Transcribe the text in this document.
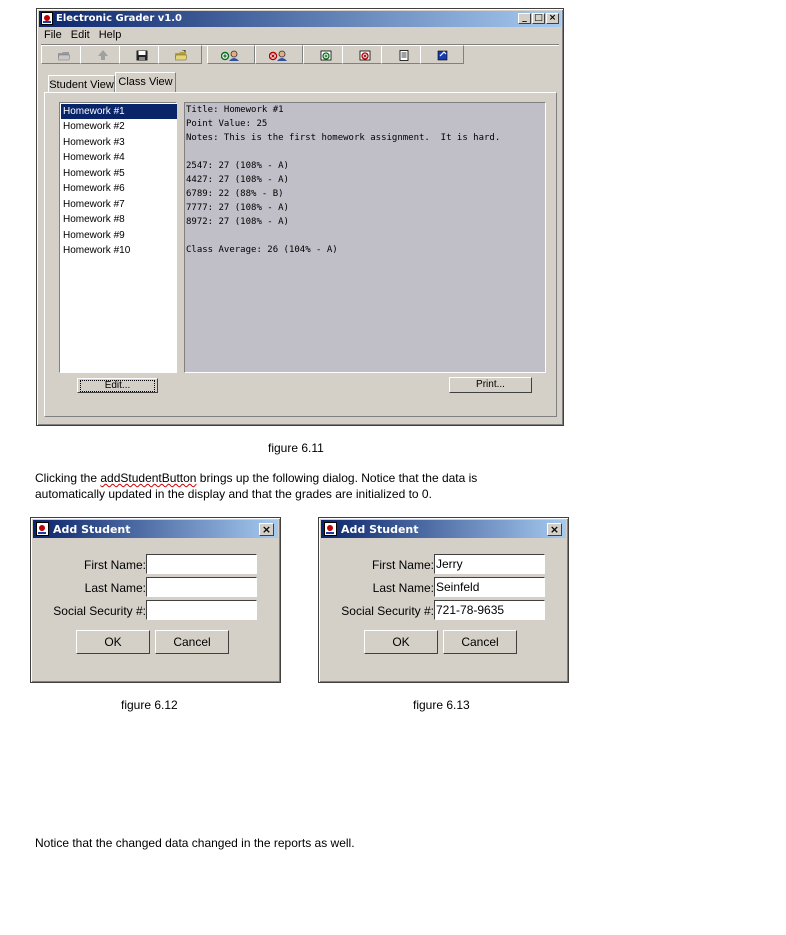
Electronic Grader v1.0	_ □ ×
File Edit Help
Student View Class View
Homework #1
Homework #2
Homework #3
Homework #4
Homework #5
Homework #6
Homework #7
Homework #8
Homework #9
Homework #10
Title: Homework #1
Point Value: 25
Notes: This is the first homework assignment.  It is hard.
2547: 27 (108% - A)
4427: 27 (108% - A)
6789: 22 (88% - B)
7777: 27 (108% - A)
8972: 27 (108% - A)
Class Average: 26 (104% - A)
Edit...	Print...
figure 6.11
Clicking the addStudentButton brings up the following dialog. Notice that the data is
automatically updated in the display and that the grades are initialized to 0.
Add Student	×
First Name:
Last Name:
Social Security #:
OK	Cancel
Add Student	×
First Name: Jerry
Last Name: Seinfeld
Social Security #: 721-78-9635
OK	Cancel
figure 6.12	figure 6.13
Notice that the changed data changed in the reports as well.
